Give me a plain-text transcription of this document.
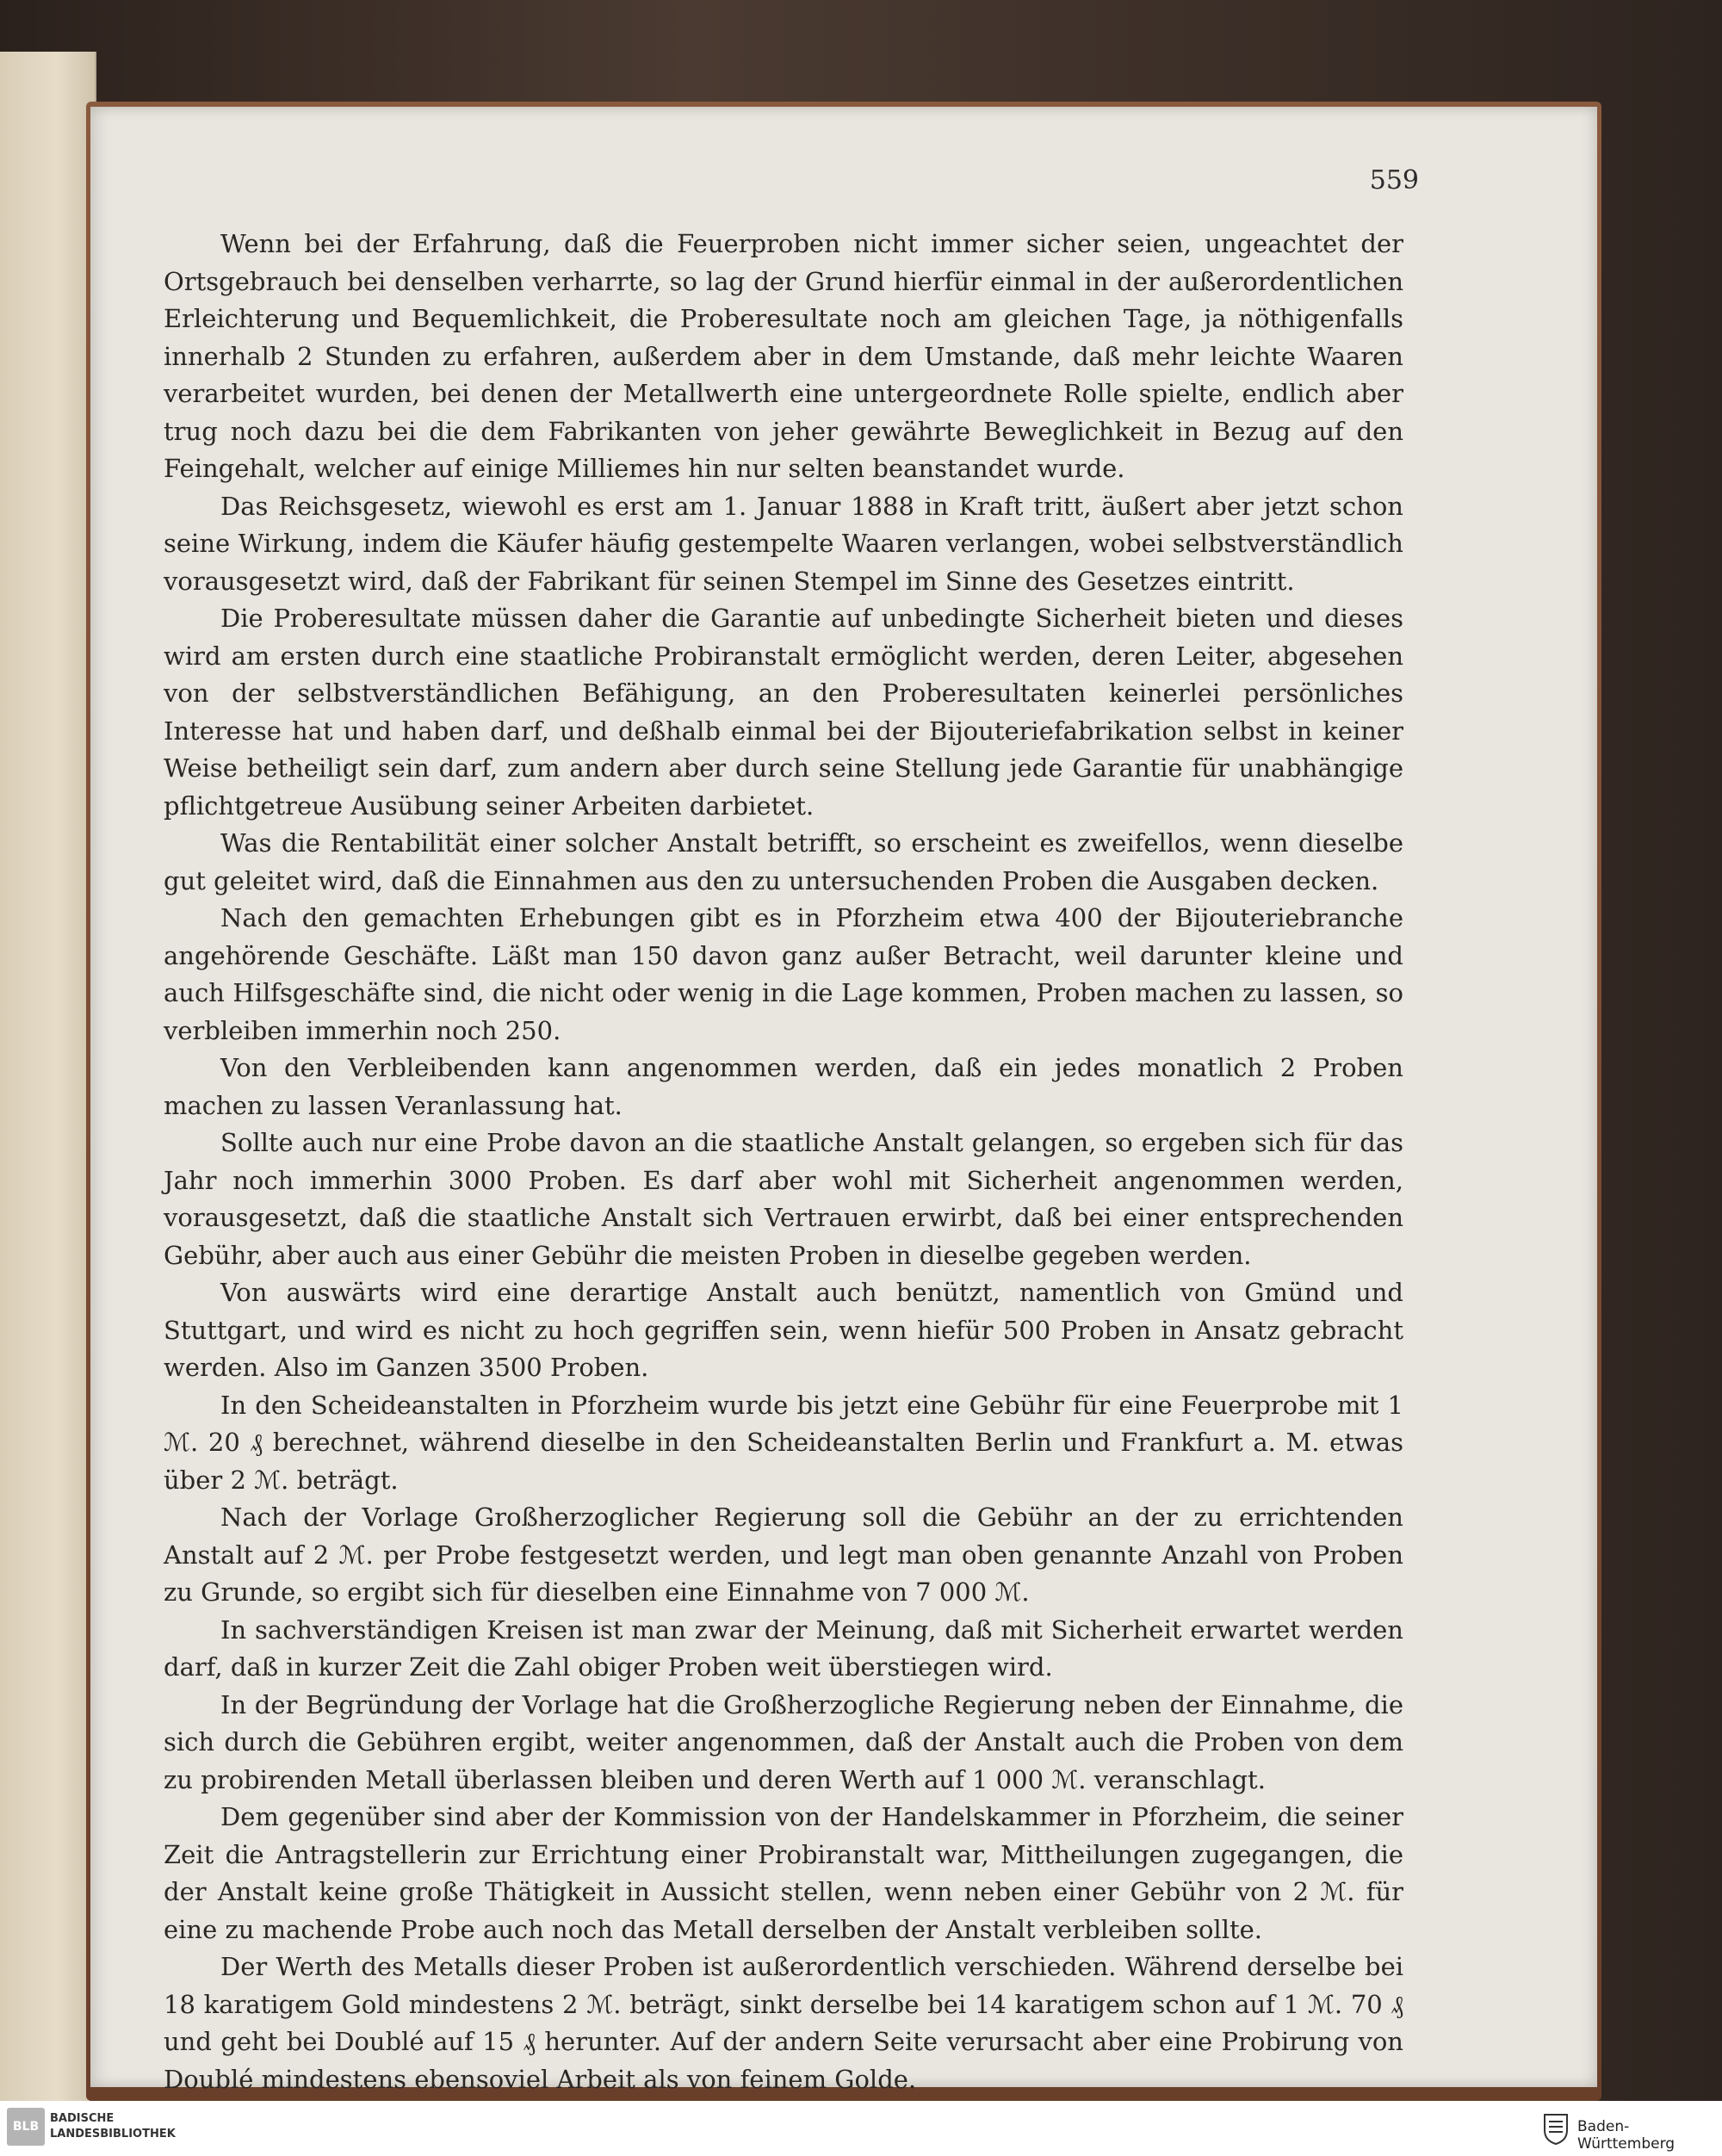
559

Wenn bei der Erfahrung, daß die Feuerproben nicht immer sicher seien, ungeachtet der Ortsgebrauch bei denselben verharrte, so lag der Grund hierfür einmal in der außerordentlichen Erleichterung und Bequemlichkeit, die Proberesultate noch am gleichen Tage, ja nöthigenfalls innerhalb 2 Stunden zu erfahren, außerdem aber in dem Umstande, daß mehr leichte Waaren verarbeitet wurden, bei denen der Metallwerth eine untergeordnete Rolle spielte, endlich aber trug noch dazu bei die dem Fabrikanten von jeher gewährte Beweglichkeit in Bezug auf den Feingehalt, welcher auf einige Milliemes hin nur selten beanstandet wurde.

Das Reichsgesetz, wiewohl es erst am 1. Januar 1888 in Kraft tritt, äußert aber jetzt schon seine Wirkung, indem die Käufer häufig gestempelte Waaren verlangen, wobei selbstverständlich vorausgesetzt wird, daß der Fabrikant für seinen Stempel im Sinne des Gesetzes eintritt.

Die Proberesultate müssen daher die Garantie auf unbedingte Sicherheit bieten und dieses wird am ersten durch eine staatliche Probiranstalt ermöglicht werden, deren Leiter, abgesehen von der selbstverständlichen Befähigung, an den Proberesultaten keinerlei persönliches Interesse hat und haben darf, und deßhalb einmal bei der Bijouteriefabrikation selbst in keiner Weise betheiligt sein darf, zum andern aber durch seine Stellung jede Garantie für unabhängige pflichtgetreue Ausübung seiner Arbeiten darbietet.

Was die Rentabilität einer solcher Anstalt betrifft, so erscheint es zweifellos, wenn dieselbe gut geleitet wird, daß die Einnahmen aus den zu untersuchenden Proben die Ausgaben decken.

Nach den gemachten Erhebungen gibt es in Pforzheim etwa 400 der Bijouteriebranche angehörende Geschäfte. Läßt man 150 davon ganz außer Betracht, weil darunter kleine und auch Hilfsgeschäfte sind, die nicht oder wenig in die Lage kommen, Proben machen zu lassen, so verbleiben immerhin noch 250.

Von den Verbleibenden kann angenommen werden, daß ein jedes monatlich 2 Proben machen zu lassen Veranlassung hat.

Sollte auch nur eine Probe davon an die staatliche Anstalt gelangen, so ergeben sich für das Jahr noch immerhin 3000 Proben. Es darf aber wohl mit Sicherheit angenommen werden, vorausgesetzt, daß die staatliche Anstalt sich Vertrauen erwirbt, daß bei einer entsprechenden Gebühr, aber auch aus einer Gebühr die meisten Proben in dieselbe gegeben werden.

Von auswärts wird eine derartige Anstalt auch benützt, namentlich von Gmünd und Stuttgart, und wird es nicht zu hoch gegriffen sein, wenn hiefür 500 Proben in Ansatz gebracht werden. Also im Ganzen 3500 Proben.

In den Scheideanstalten in Pforzheim wurde bis jetzt eine Gebühr für eine Feuerprobe mit 1 ℳ. 20 ₰ berechnet, während dieselbe in den Scheideanstalten Berlin und Frankfurt a. M. etwas über 2 ℳ. beträgt.

Nach der Vorlage Großherzoglicher Regierung soll die Gebühr an der zu errichtenden Anstalt auf 2 ℳ. per Probe festgesetzt werden, und legt man oben genannte Anzahl von Proben zu Grunde, so ergibt sich für dieselben eine Einnahme von 7 000 ℳ.

In sachverständigen Kreisen ist man zwar der Meinung, daß mit Sicherheit erwartet werden darf, daß in kurzer Zeit die Zahl obiger Proben weit überstiegen wird.

In der Begründung der Vorlage hat die Großherzogliche Regierung neben der Einnahme, die sich durch die Gebühren ergibt, weiter angenommen, daß der Anstalt auch die Proben von dem zu probirenden Metall überlassen bleiben und deren Werth auf 1 000 ℳ. veranschlagt.

Dem gegenüber sind aber der Kommission von der Handelskammer in Pforzheim, die seiner Zeit die Antragstellerin zur Errichtung einer Probiranstalt war, Mittheilungen zugegangen, die der Anstalt keine große Thätigkeit in Aussicht stellen, wenn neben einer Gebühr von 2 ℳ. für eine zu machende Probe auch noch das Metall derselben der Anstalt verbleiben sollte.

Der Werth des Metalls dieser Proben ist außerordentlich verschieden. Während derselbe bei 18 karatigem Gold mindestens 2 ℳ. beträgt, sinkt derselbe bei 14 karatigem schon auf 1 ℳ. 70 ₰ und geht bei Doublé auf 15 ₰ herunter. Auf der andern Seite verursacht aber eine Probirung von Doublé mindestens ebensoviel Arbeit als von feinem Golde.

BLB
BADISCHE
LANDESBIBLIOTHEK	Baden-Württemberg
